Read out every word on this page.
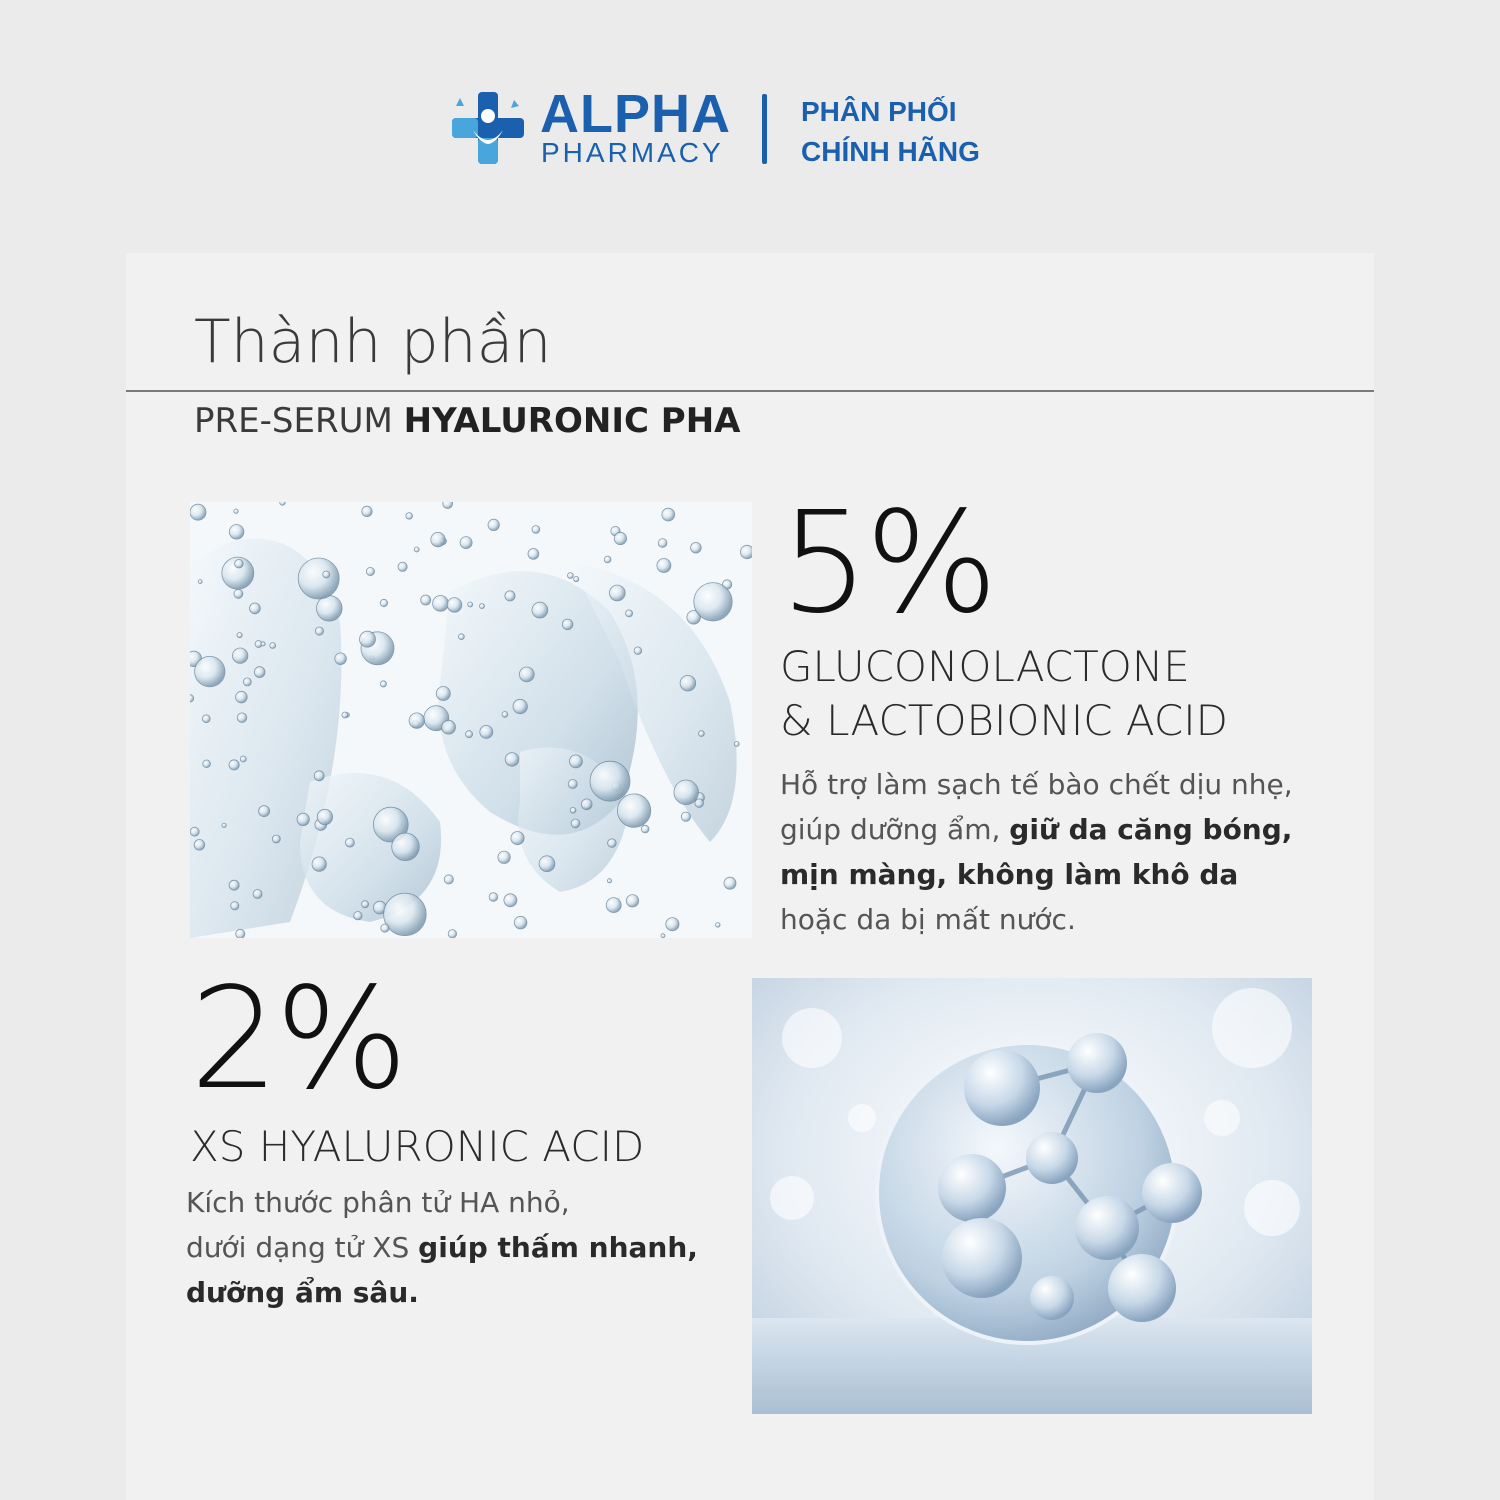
ALPHA
PHARMACY
PHÂN PHỐI
CHÍNH HÃNG
Thành phần
PRE-SERUM HYALURONIC PHA
5%
GLUCONOLACTONE
& LACTOBIONIC ACID
Hỗ trợ làm sạch tế bào chết dịu nhẹ,
giúp dưỡng ẩm, giữ da căng bóng,
mịn màng, không làm khô da
hoặc da bị mất nước.
2%
XS HYALURONIC ACID
Kích thước phân tử HA nhỏ,
dưới dạng tử XS giúp thấm nhanh,
dưỡng ẩm sâu.
